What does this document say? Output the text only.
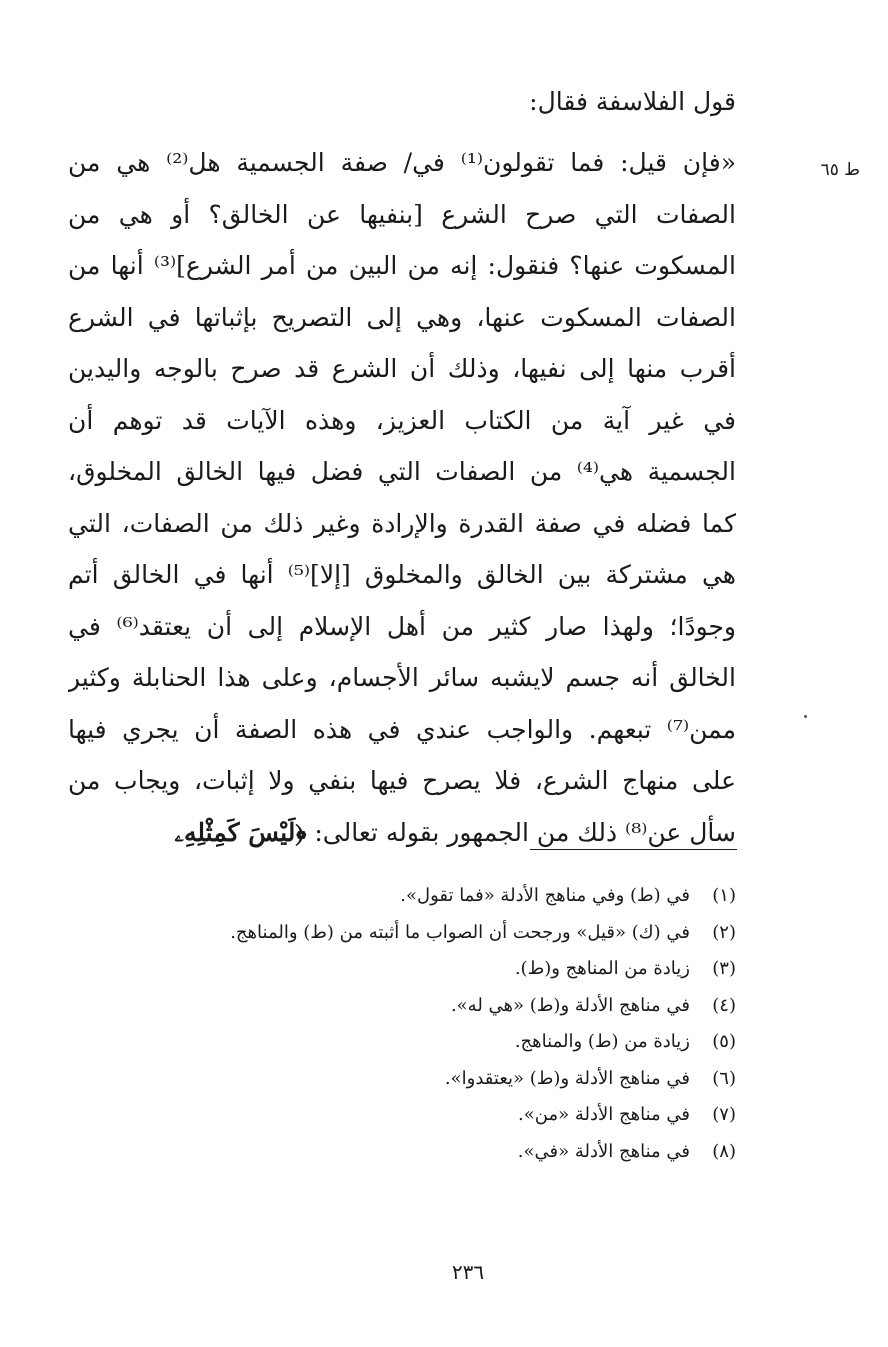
ط ٦٥
قول الفلاسفة فقال:
«فإن قيل: فما تقولون⁽¹⁾ في/ صفة الجسمية هل⁽²⁾ هي من
الصفات التي صرح الشرع [بنفيها عن الخالق؟ أو هي من
المسكوت عنها؟ فنقول: إنه من البين من أمر الشرع]⁽³⁾ أنها من
الصفات المسكوت عنها، وهي إلى التصريح بإثباتها في الشرع
أقرب منها إلى نفيها، وذلك أن الشرع قد صرح بالوجه واليدين
في غير آية من الكتاب العزيز، وهذه الآيات قد توهم أن
الجسمية هي⁽⁴⁾ من الصفات التي فضل فيها الخالق المخلوق،
كما فضله في صفة القدرة والإرادة وغير ذلك من الصفات، التي
هي مشتركة بين الخالق والمخلوق [إلا]⁽⁵⁾ أنها في الخالق أتم
وجودًا؛ ولهذا صار كثير من أهل الإسلام إلى أن يعتقد⁽⁶⁾ في
الخالق أنه جسم لايشبه سائر الأجسام، وعلى هذا الحنابلة وكثير
ممن⁽⁷⁾ تبعهم. والواجب عندي في هذه الصفة أن يجري فيها
على منهاج الشرع، فلا يصرح فيها بنفي ولا إثبات، ويجاب من
سأل عن⁽⁸⁾ ذلك من الجمهور بقوله تعالى: ﴿لَيْسَ كَمِثْلِهِۦ
(١)
في (ط) وفي مناهج الأدلة «فما تقول».
(٢)
في (ك) «قيل» ورجحت أن الصواب ما أثبته من (ط) والمناهج.
(٣)
زيادة من المناهج و(ط).
(٤)
في مناهج الأدلة و(ط) «هي له».
(٥)
زيادة من (ط) والمناهج.
(٦)
في مناهج الأدلة و(ط) «يعتقدوا».
(٧)
في مناهج الأدلة «من».
(٨)
في مناهج الأدلة «في».
٢٣٦
